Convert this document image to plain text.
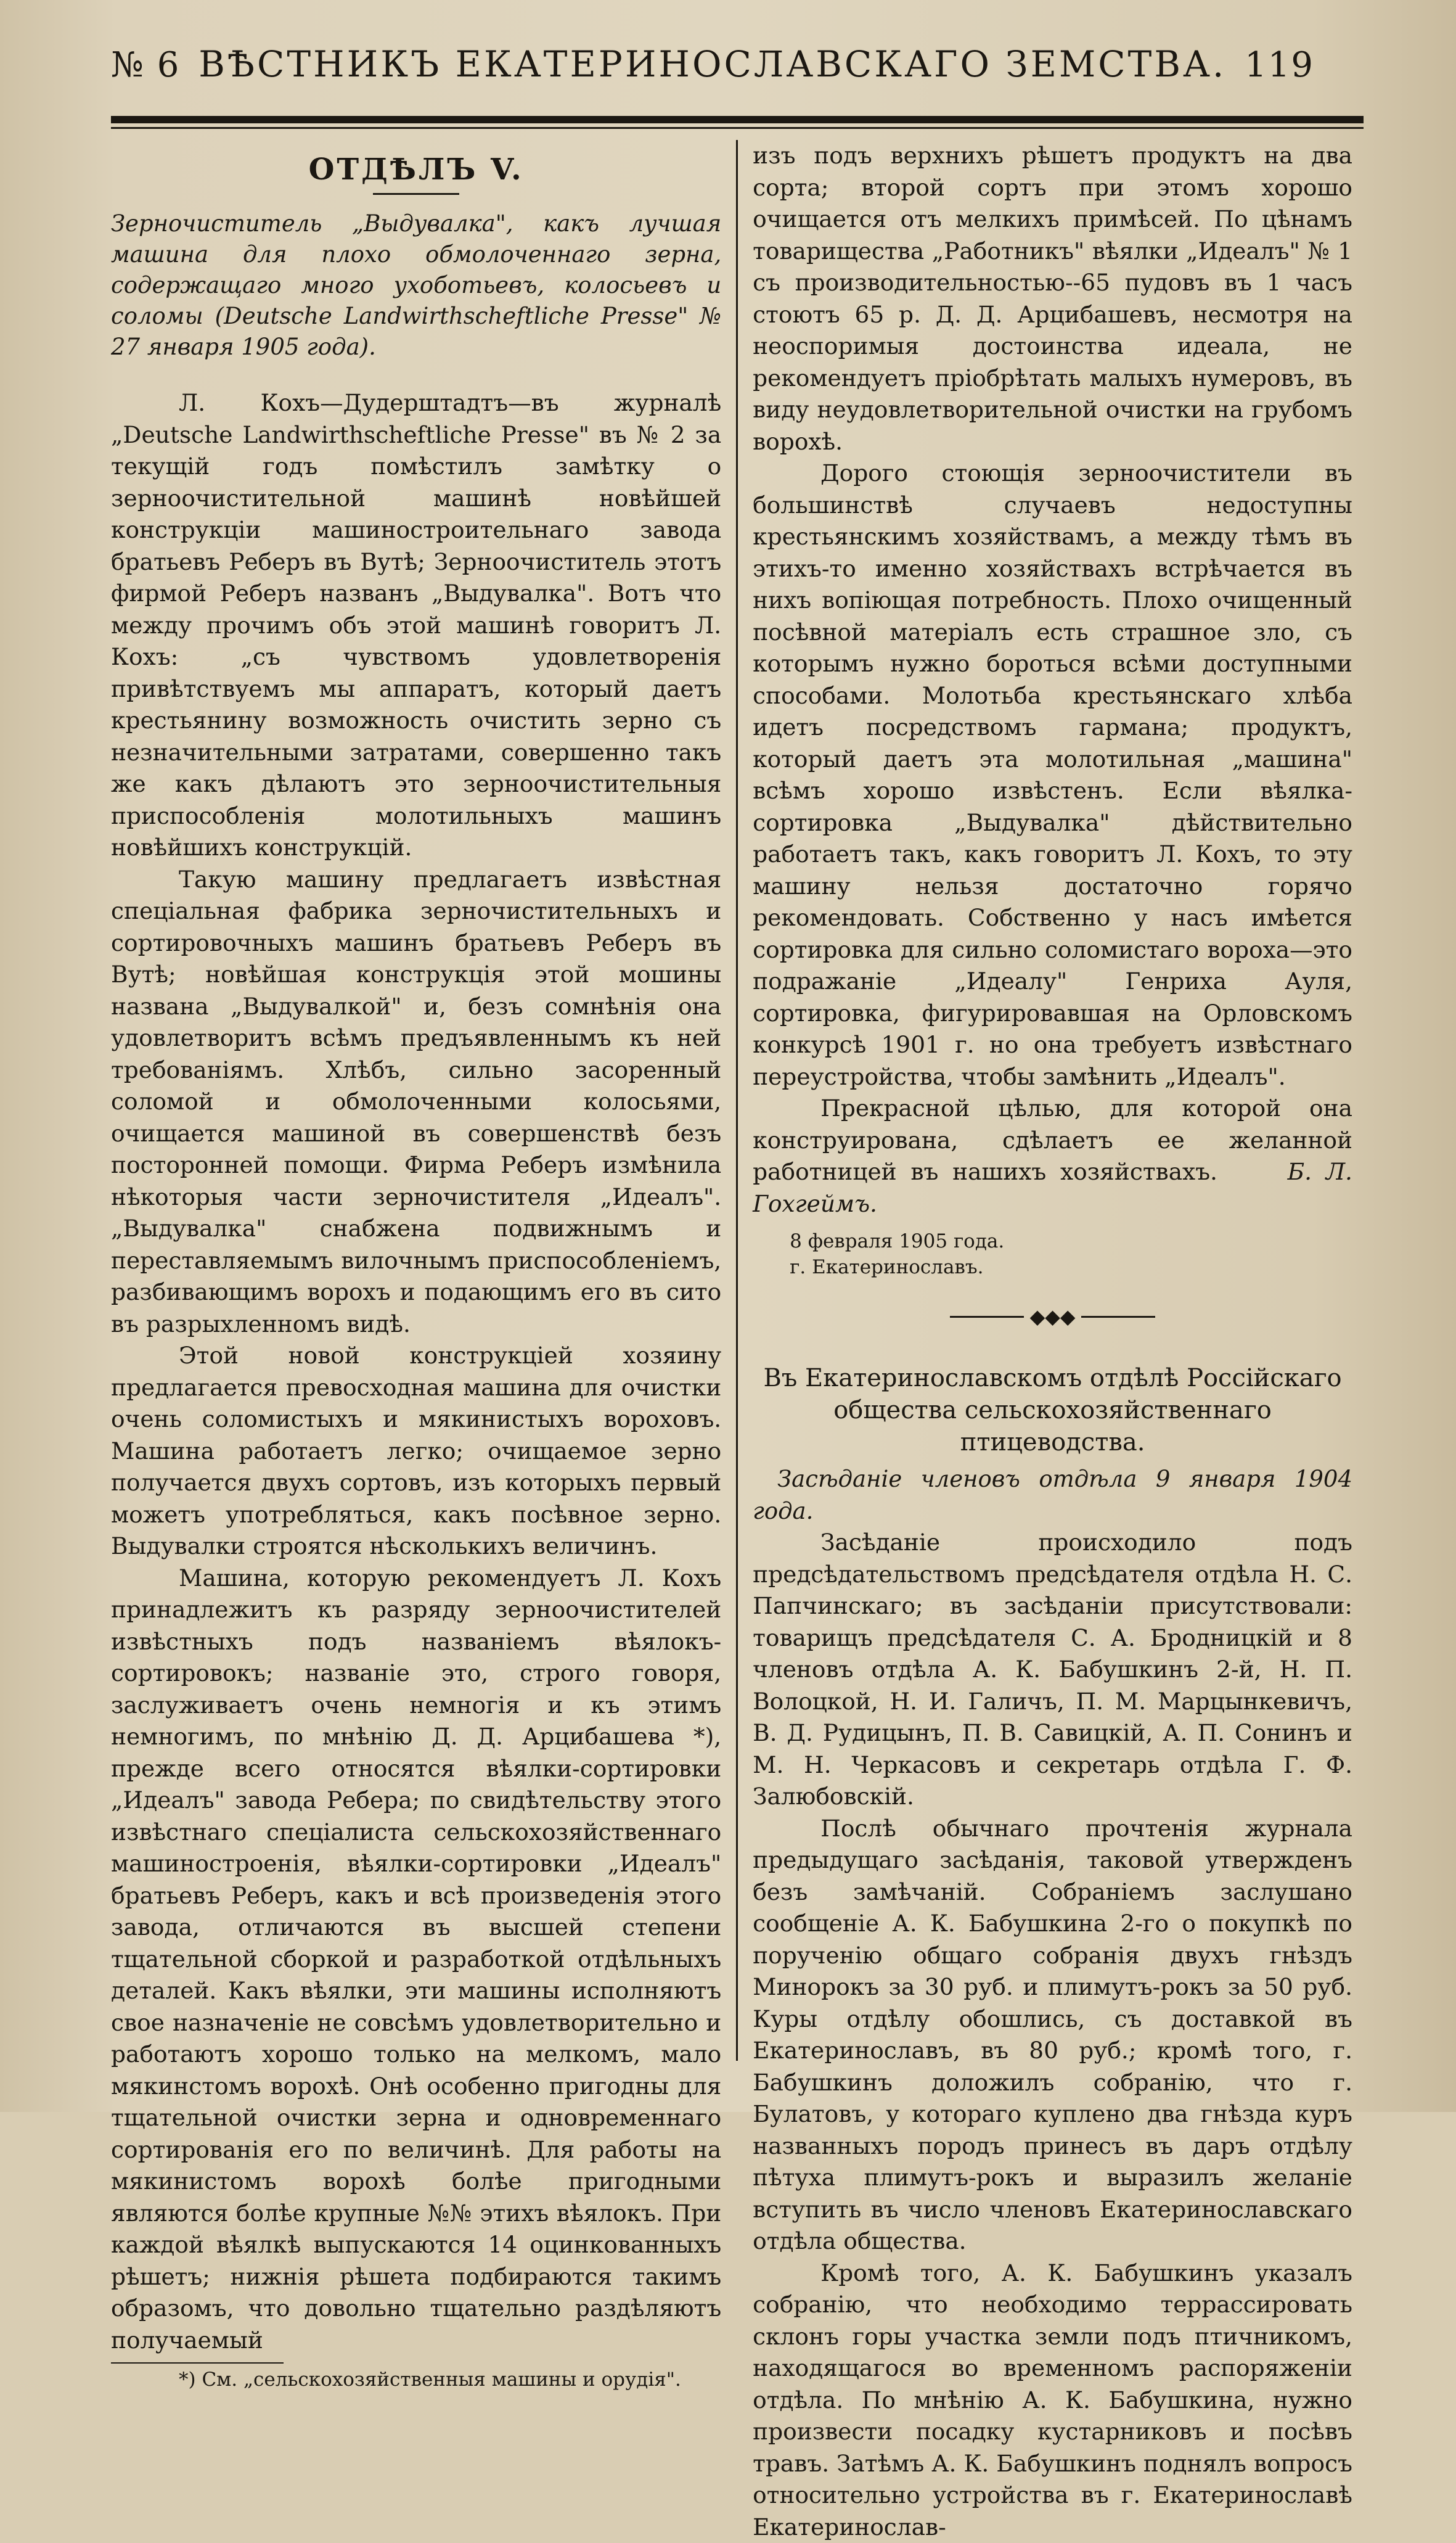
№ 6 ВѢСТНИКЪ ЕКАТЕРИНОСЛАВСКАГО ЗЕМСТВА. 119
ОТДѢЛЪ V.

Зерночиститель „Выдувалка", какъ лучшая машина для плохо обмолоченнаго зерна, содержащаго много ухоботьевъ, колосьевъ и соломы (Deutsche Landwirthscheftliche Presse" № 27 января 1905 года).

Л. Кохъ—Дудерштадтъ—въ журналѣ „Deutsche Landwirthscheftliche Presse" въ № 2 за текущій годъ помѣстилъ замѣтку о зерноочистительной машинѣ новѣйшей конструкціи машиностроительнаго завода братьевъ Реберъ въ Вутѣ; Зерноочиститель этотъ фирмой Реберъ названъ „Выдувалка". Вотъ что между прочимъ объ этой машинѣ говоритъ Л. Кохъ: „съ чувствомъ удовлетворенія привѣтствуемъ мы аппаратъ, который даетъ крестьянину возможность очистить зерно съ незначительными затратами, совершенно такъ же какъ дѣлаютъ это зерноочистительныя приспособленія молотильныхъ машинъ новѣйшихъ конструкцій.

Такую машину предлагаетъ извѣстная спеціальная фабрика зерночистительныхъ и сортировочныхъ машинъ братьевъ Реберъ въ Вутѣ; новѣйшая конструкція этой мошины названа „Выдувалкой" и, безъ сомнѣнія она удовлетворитъ всѣмъ предъявленнымъ къ ней требованіямъ. Хлѣбъ, сильно засоренный соломой и обмолоченными колосьями, очищается машиной въ совершенствѣ безъ посторонней помощи. Фирма Реберъ измѣнила нѣкоторыя части зерночистителя „Идеалъ". „Выдувалка" снабжена подвижнымъ и переставляемымъ вилочнымъ приспособленіемъ, разбивающимъ ворохъ и подающимъ его въ сито въ разрыхленномъ видѣ.

Этой новой конструкціей хозяину предлагается превосходная машина для очистки очень соломистыхъ и мякинистыхъ вороховъ. Машина работаетъ легко; очищаемое зерно получается двухъ сортовъ, изъ которыхъ первый можетъ употребляться, какъ посѣвное зерно. Выдувалки строятся нѣсколькихъ величинъ.

Машина, которую рекомендуетъ Л. Кохъ принадлежитъ къ разряду зерноочистителей извѣстныхъ подъ названіемъ вѣялокъ-сортировокъ; названіе это, строго говоря, заслуживаетъ очень немногія и къ этимъ немногимъ, по мнѣнію Д. Д. Арцибашева *), прежде всего относятся вѣялки-сортировки „Идеалъ" завода Ребера; по свидѣтельству этого извѣстнаго спеціалиста сельскохозяйственнаго машиностроенія, вѣялки-сортировки „Идеалъ" братьевъ Реберъ, какъ и всѣ произведенія этого завода, отличаются въ высшей степени тщательной сборкой и разработкой отдѣльныхъ деталей. Какъ вѣялки, эти машины исполняютъ свое назначеніе не совсѣмъ удовлетворительно и работаютъ хорошо только на мелкомъ, мало мякинстомъ ворохѣ. Онѣ особенно пригодны для тщательной очистки зерна и одновременнаго сортированія его по величинѣ. Для работы на мякинистомъ ворохѣ болѣе пригодными являются болѣе крупные №№ этихъ вѣялокъ. При каждой вѣялкѣ выпускаются 14 оцинкованныхъ рѣшетъ; нижнія рѣшета подбираются такимъ образомъ, что довольно тщательно раздѣляютъ получаемый

*) См. „сельскохозяйственныя машины и орудія".

изъ подъ верхнихъ рѣшетъ продуктъ на два сорта; второй сортъ при этомъ хорошо очищается отъ мелкихъ примѣсей. По цѣнамъ товарищества „Работникъ" вѣялки „Идеалъ" № 1 съ производительностью--65 пудовъ въ 1 часъ стоютъ 65 р. Д. Д. Арцибашевъ, несмотря на неоспоримыя достоинства идеала, не рекомендуетъ пріобрѣтать малыхъ нумеровъ, въ виду неудовлетворительной очистки на грубомъ ворохѣ.

Дорого стоющія зерноочистители въ большинствѣ случаевъ недоступны крестьянскимъ хозяйствамъ, а между тѣмъ въ этихъ-то именно хозяйствахъ встрѣчается въ нихъ вопіющая потребность. Плохо очищенный посѣвной матеріалъ есть страшное зло, съ которымъ нужно бороться всѣми доступными способами. Молотьба крестьянскаго хлѣба идетъ посредствомъ гармана; продуктъ, который даетъ эта молотильная „машина" всѣмъ хорошо извѣстенъ. Если вѣялка-сортировка „Выдувалка" дѣйствительно работаетъ такъ, какъ говоритъ Л. Кохъ, то эту машину нельзя достаточно горячо рекомендовать. Собственно у насъ имѣется сортировка для сильно соломистаго вороха—это подражаніе „Идеалу" Генриха Ауля, сортировка, фигурировавшая на Орловскомъ конкурсѣ 1901 г. но она требуетъ извѣстнаго переустройства, чтобы замѣнить „Идеалъ".

Прекрасной цѣлью, для которой она конструирована, сдѣлаетъ ее желанной работницей въ нашихъ хозяйствахъ.	Б. Л. Гохгеймъ.

8 февраля 1905 года.

г. Екатеринославъ.

◆◆◆

Въ Екатеринославскомъ отдѣлѣ Россійскаго общества сельскохозяйственнаго птицеводства.

Засѣданіе членовъ отдѣла 9 января 1904 года.

Засѣданіе происходило подъ предсѣдательствомъ предсѣдателя отдѣла Н. С. Папчинскаго; въ засѣданіи присутствовали: товарищъ предсѣдателя С. А. Бродницкій и 8 членовъ отдѣла А. К. Бабушкинъ 2-й, Н. П. Волоцкой, Н. И. Галичъ, П. М. Марцынкевичъ, В. Д. Рудицынъ, П. В. Савицкій, А. П. Сонинъ и М. Н. Черкасовъ и секретарь отдѣла Г. Ф. Залюбовскій.

Послѣ обычнаго прочтенія журнала предыдущаго засѣданія, таковой утвержденъ безъ замѣчаній. Собраніемъ заслушано сообщеніе А. К. Бабушкина 2-го о покупкѣ по порученію общаго собранія двухъ гнѣздъ Минорокъ за 30 руб. и плимутъ-рокъ за 50 руб. Куры отдѣлу обошлись, съ доставкой въ Екатеринославъ, въ 80 руб.; кромѣ того, г. Бабушкинъ доложилъ собранію, что г. Булатовъ, у котораго куплено два гнѣзда куръ названныхъ породъ принесъ въ даръ отдѣлу пѣтуха плимутъ-рокъ и выразилъ желаніе вступить въ число членовъ Екатеринославскаго отдѣла общества.

Кромѣ того, А. К. Бабушкинъ указалъ собранію, что необходимо террассировать склонъ горы участка земли подъ птичникомъ, находящагося во временномъ распоряженіи отдѣла. По мнѣнію А. К. Бабушкина, нужно произвести посадку кустарниковъ и посѣвъ травъ. Затѣмъ А. К. Бабушкинъ поднялъ вопросъ относительно устройства въ г. Екатеринославѣ Екатеринослав-
